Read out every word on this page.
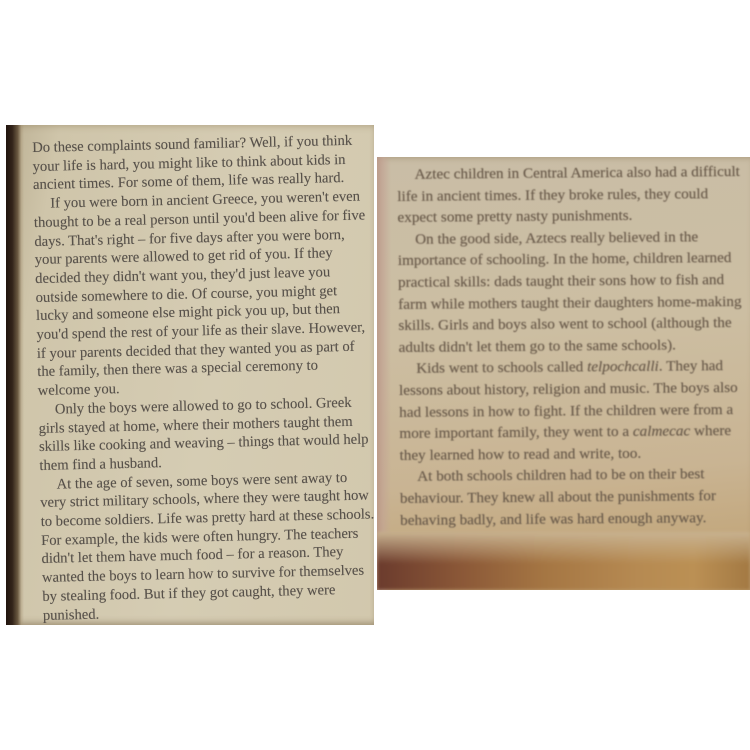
Do these complaints sound familiar? Well, if you think your life is hard, you might like to think about kids in ancient times. For some of them, life was really hard.

If you were born in ancient Greece, you weren't even thought to be a real person until you'd been alive for five days. That's right – for five days after you were born, your parents were allowed to get rid of you. If they decided they didn't want you, they'd just leave you outside somewhere to die. Of course, you might get lucky and someone else might pick you up, but then you'd spend the rest of your life as their slave. However, if your parents decided that they wanted you as part of the family, then there was a special ceremony to welcome you.

Only the boys were allowed to go to school. Greek girls stayed at home, where their mothers taught them skills like cooking and weaving – things that would help them find a husband.

At the age of seven, some boys were sent away to very strict military schools, where they were taught how to become soldiers. Life was pretty hard at these schools. For example, the kids were often hungry. The teachers didn't let them have much food – for a reason. They wanted the boys to learn how to survive for themselves by stealing food. But if they got caught, they were punished.

Aztec children in Central America also had a difficult life in ancient times. If they broke rules, they could expect some pretty nasty punishments.

On the good side, Aztecs really believed in the importance of schooling. In the home, children learned practical skills: dads taught their sons how to fish and farm while mothers taught their daughters home-making skills. Girls and boys also went to school (although the adults didn't let them go to the same schools).

Kids went to schools called telpochcalli. They had lessons about history, religion and music. The boys also had lessons in how to fight. If the children were from a more important family, they went to a calmecac where they learned how to read and write, too.

At both schools children had to be on their best behaviour. They knew all about the punishments for behaving badly, and life was hard enough anyway.
